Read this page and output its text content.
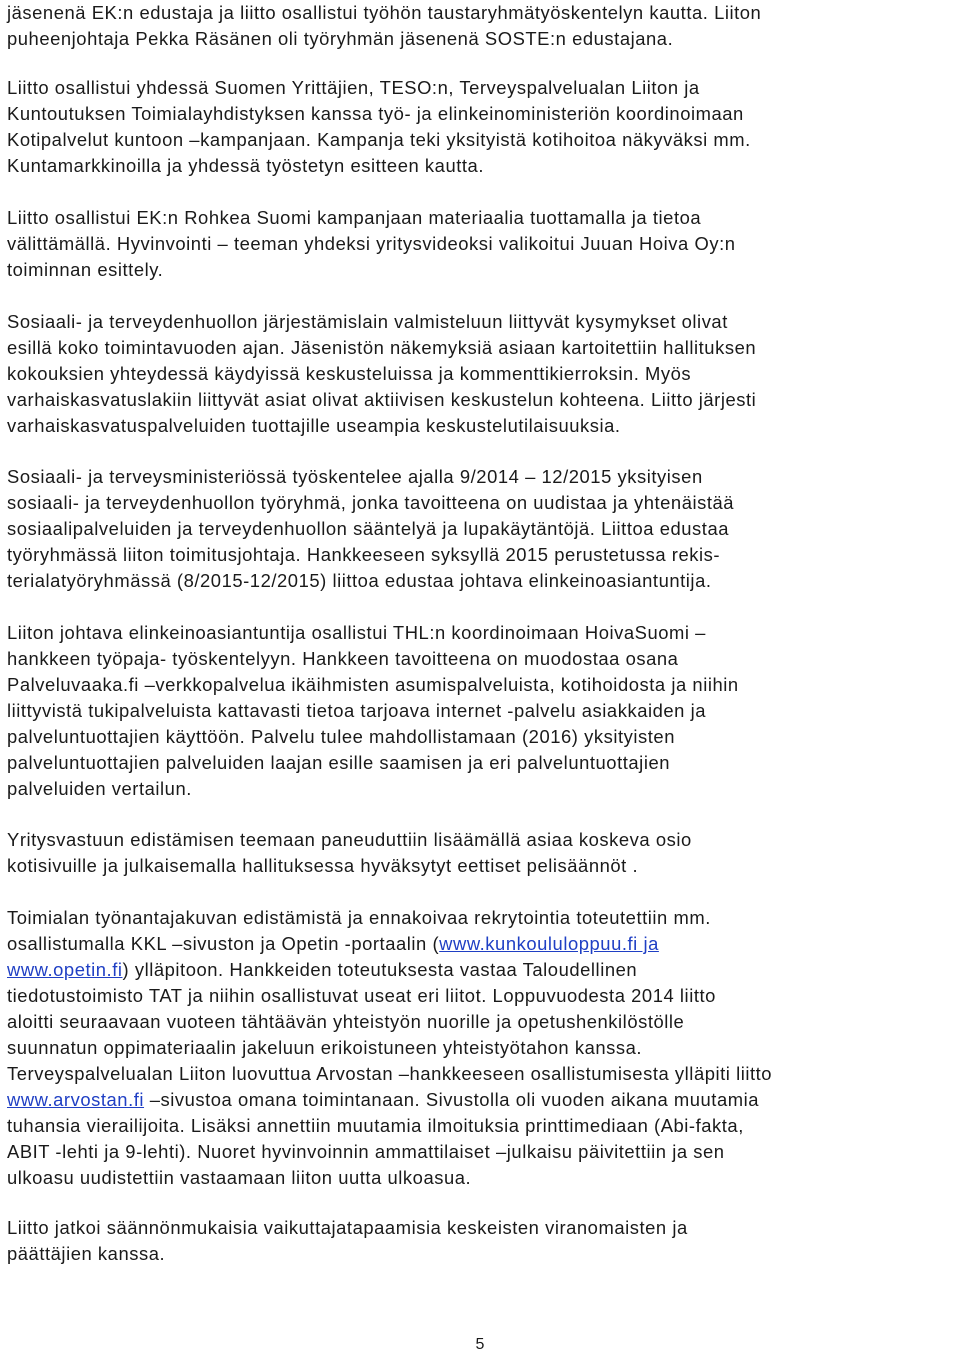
jäsenenä EK:n edustaja ja liitto osallistui työhön taustaryhmätyöskentelyn kautta. Liiton
puheenjohtaja Pekka Räsänen oli työryhmän jäsenenä SOSTE:n edustajana.

Liitto osallistui yhdessä Suomen Yrittäjien, TESO:n, Terveyspalvelualan Liiton ja
Kuntoutuksen Toimialayhdistyksen kanssa työ- ja elinkeinoministeriön koordinoimaan
Kotipalvelut kuntoon –kampanjaan. Kampanja teki yksityistä kotihoitoa näkyväksi mm.
Kuntamarkkinoilla ja yhdessä työstetyn esitteen kautta.

Liitto osallistui EK:n Rohkea Suomi kampanjaan materiaalia tuottamalla ja tietoa
välittämällä. Hyvinvointi – teeman yhdeksi yritysvideoksi valikoitui Juuan Hoiva Oy:n
toiminnan esittely.

Sosiaali- ja terveydenhuollon järjestämislain valmisteluun liittyvät kysymykset olivat
esillä koko toimintavuoden ajan. Jäsenistön näkemyksiä asiaan kartoitettiin hallituksen
kokouksien yhteydessä käydyissä keskusteluissa ja kommenttikierroksin. Myös
varhaiskasvatuslakiin liittyvät asiat olivat aktiivisen keskustelun kohteena. Liitto järjesti
varhaiskasvatuspalveluiden tuottajille useampia keskustelutilaisuuksia.

Sosiaali- ja terveysministeriössä työskentelee ajalla 9/2014 – 12/2015 yksityisen
sosiaali- ja terveydenhuollon työryhmä, jonka tavoitteena on uudistaa ja yhtenäistää
sosiaalipalveluiden ja terveydenhuollon sääntelyä ja lupakäytäntöjä. Liittoa edustaa
työryhmässä liiton toimitusjohtaja. Hankkeeseen syksyllä 2015 perustetussa rekis-
terialatyöryhmässä (8/2015-12/2015) liittoa edustaa johtava elinkeinoasiantuntija.

Liiton johtava elinkeinoasiantuntija osallistui THL:n koordinoimaan HoivaSuomi –
hankkeen työpaja- työskentelyyn. Hankkeen tavoitteena on muodostaa osana
Palveluvaaka.fi –verkkopalvelua ikäihmisten asumispalveluista, kotihoidosta ja niihin
liittyvistä tukipalveluista kattavasti tietoa tarjoava internet -palvelu asiakkaiden ja
palveluntuottajien käyttöön. Palvelu tulee mahdollistamaan (2016) yksityisten
palveluntuottajien palveluiden laajan esille saamisen ja eri palveluntuottajien
palveluiden vertailun.

Yritysvastuun edistämisen teemaan paneuduttiin lisäämällä asiaa koskeva osio
kotisivuille ja julkaisemalla hallituksessa hyväksytyt eettiset pelisäännöt .

Toimialan työnantajakuvan edistämistä ja ennakoivaa rekrytointia toteutettiin mm.
osallistumalla KKL –sivuston ja Opetin -portaalin (www.kunkoululoppuu.fi ja
www.opetin.fi) ylläpitoon. Hankkeiden toteutuksesta vastaa Taloudellinen
tiedotustoimisto TAT ja niihin osallistuvat useat eri liitot. Loppuvuodesta 2014 liitto
aloitti seuraavaan vuoteen tähtäävän yhteistyön nuorille ja opetushenkilöstölle
suunnatun oppimateriaalin jakeluun erikoistuneen yhteistyötahon kanssa.
Terveyspalvelualan Liiton luovuttua Arvostan –hankkeeseen osallistumisesta ylläpiti liitto
www.arvostan.fi –sivustoa omana toimintanaan. Sivustolla oli vuoden aikana muutamia
tuhansia vierailijoita. Lisäksi annettiin muutamia ilmoituksia printtimediaan (Abi-fakta,
ABIT -lehti ja 9-lehti). Nuoret hyvinvoinnin ammattilaiset –julkaisu päivitettiin ja sen
ulkoasu uudistettiin vastaamaan liiton uutta ulkoasua.

Liitto jatkoi säännönmukaisia vaikuttajatapaamisia keskeisten viranomaisten ja
päättäjien kanssa.

5
